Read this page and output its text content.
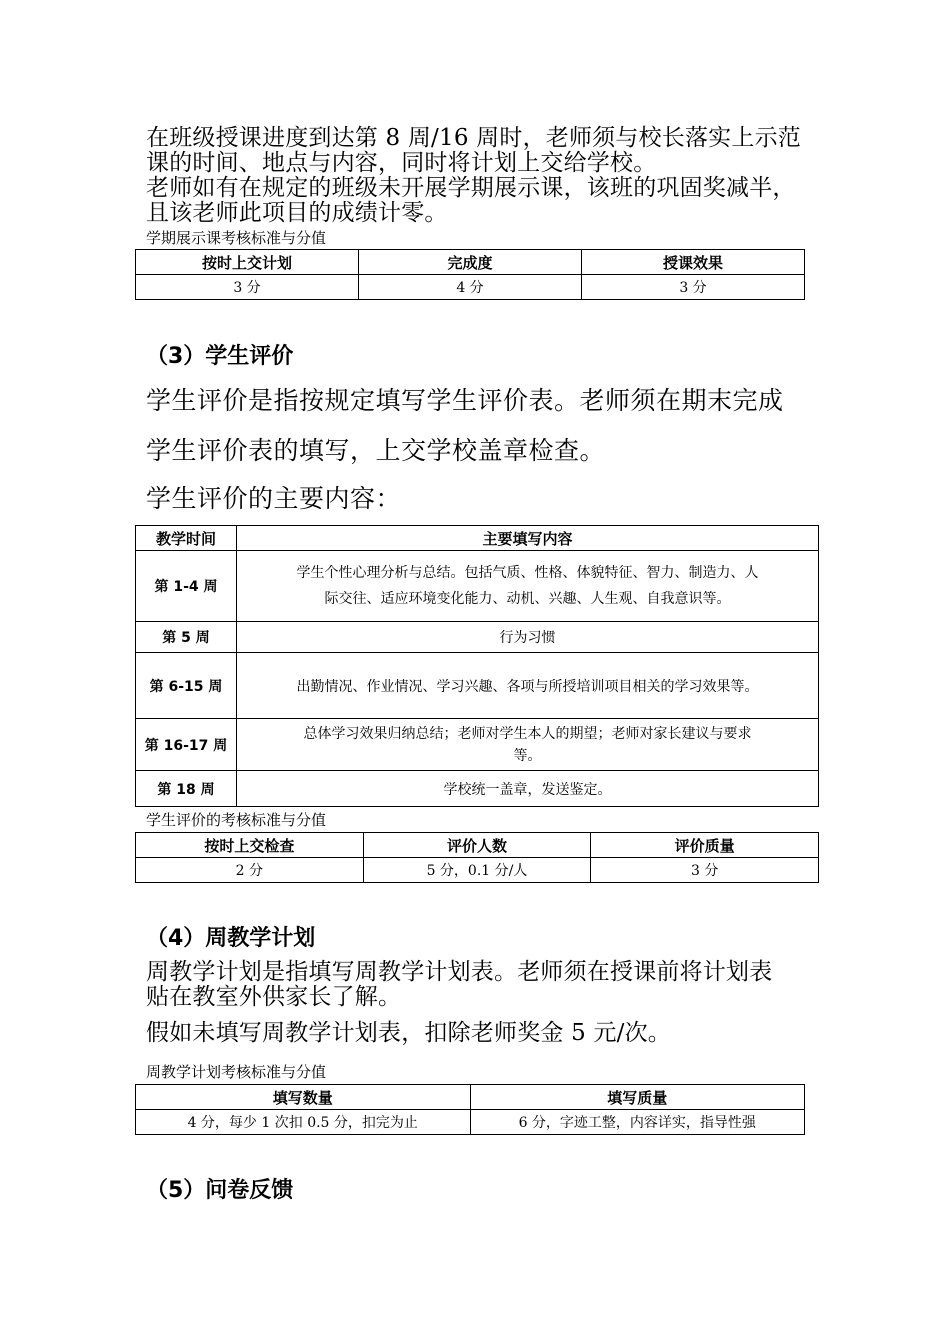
在班级授课进度到达第 8 周/16 周时，老师须与校长落实上示范
课的时间、地点与内容，同时将计划上交给学校。
老师如有在规定的班级未开展学期展示课，该班的巩固奖减半，
且该老师此项目的成绩计零。
学期展示课考核标准与分值
按时上交计划	完成度	授课效果
3 分	4 分	3 分
（3）学生评价
学生评价是指按规定填写学生评价表。老师须在期末完成
学生评价表的填写，上交学校盖章检查。
学生评价的主要内容：
教学时间	主要填写内容
第 1-4 周	学生个性心理分析与总结。包括气质、性格、体貌特征、智力、制造力、人
际交往、适应环境变化能力、动机、兴趣、人生观、自我意识等。

第 5 周	行为习惯
第 6-15 周	出勤情况、作业情况、学习兴趣、各项与所授培训项目相关的学习效果等。
第 16-17 周	总体学习效果归纳总结；老师对学生本人的期望；老师对家长建议与要求
等。

第 18 周	学校统一盖章，发送鉴定。
学生评价的考核标准与分值
按时上交检查	评价人数	评价质量
2 分	5 分，0.1 分/人	3 分
（4）周教学计划
周教学计划是指填写周教学计划表。老师须在授课前将计划表
贴在教室外供家长了解。
假如未填写周教学计划表，扣除老师奖金 5 元/次。
周教学计划考核标准与分值
填写数量	填写质量
4 分，每少 1 次扣 0.5 分，扣完为止	6 分，字迹工整，内容详实，指导性强
（5）问卷反馈
